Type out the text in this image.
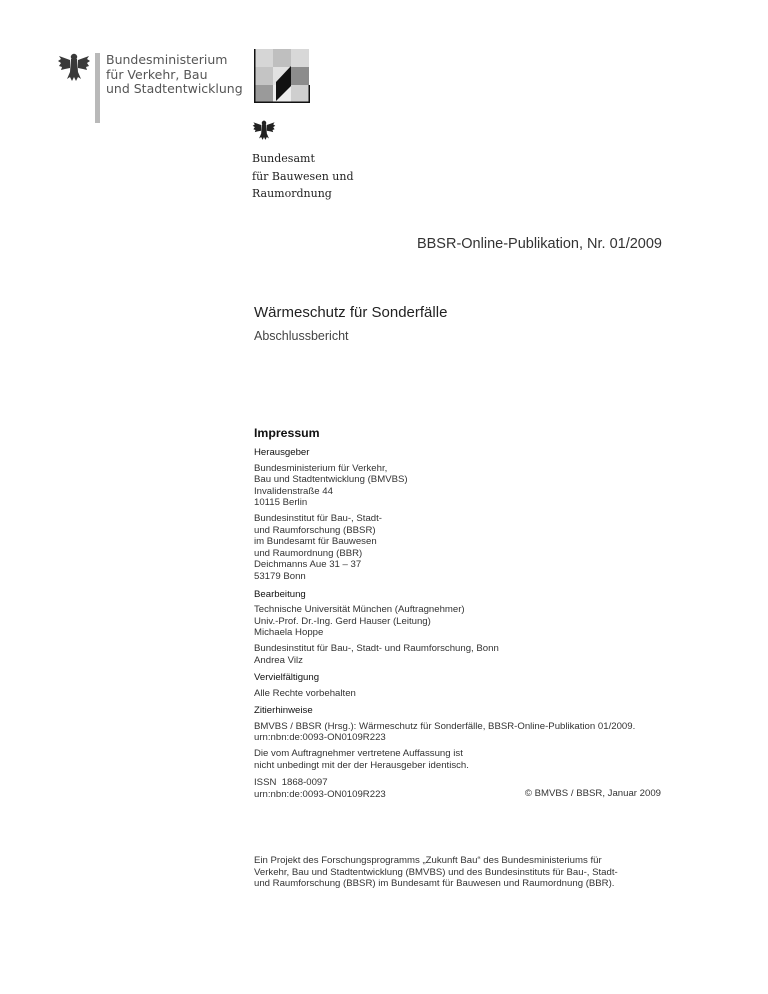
Bundesministerium
für Verkehr, Bau
und Stadtentwicklung
Bundesamt
für Bauwesen und
Raumordnung
BBSR-Online-Publikation, Nr. 01/2009
Wärmeschutz für Sonderfälle
Abschlussbericht
Impressum
Herausgeber
Bundesministerium für Verkehr,
Bau und Stadtentwicklung (BMVBS)
Invalidenstraße 44
10115 Berlin
Bundesinstitut für Bau-, Stadt-
und Raumforschung (BBSR)
im Bundesamt für Bauwesen
und Raumordnung (BBR)
Deichmanns Aue 31 – 37
53179 Bonn
Bearbeitung
Technische Universität München (Auftragnehmer)
Univ.-Prof. Dr.-Ing. Gerd Hauser (Leitung)
Michaela Hoppe
Bundesinstitut für Bau-, Stadt- und Raumforschung, Bonn
Andrea Vilz
Vervielfältigung
Alle Rechte vorbehalten
Zitierhinweise
BMVBS / BBSR (Hrsg.): Wärmeschutz für Sonderfälle, BBSR-Online-Publikation 01/2009.
urn:nbn:de:0093-ON0109R223
Die vom Auftragnehmer vertretene Auffassung ist
nicht unbedingt mit der der Herausgeber identisch.
ISSN  1868-0097
urn:nbn:de:0093-ON0109R223	© BMVBS / BBSR, Januar 2009
Ein Projekt des Forschungsprogramms „Zukunft Bau“ des Bundesministeriums für
Verkehr, Bau und Stadtentwicklung (BMVBS) und des Bundesinstituts für Bau-, Stadt-
und Raumforschung (BBSR) im Bundesamt für Bauwesen und Raumordnung (BBR).
